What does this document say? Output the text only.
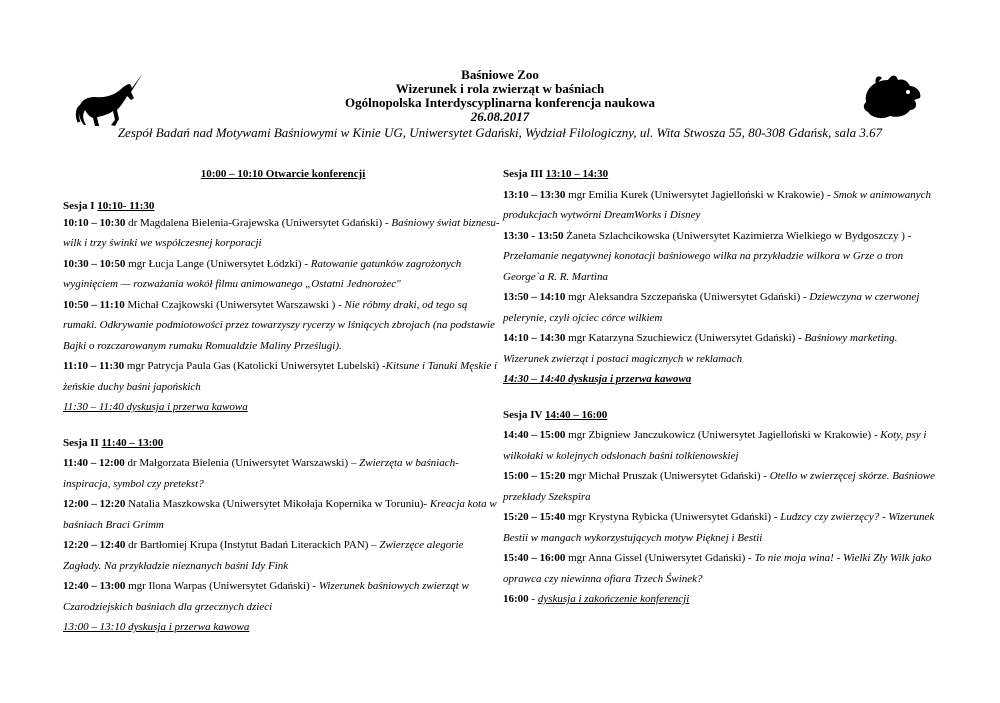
Baśniowe Zoo
Wizerunek i rola zwierząt w baśniach
Ogólnopolska Interdyscyplinarna konferencja naukowa
26.08.2017
Zespół Badań nad Motywami Baśniowymi w Kinie UG, Uniwersytet Gdański, Wydział Filologiczny, ul. Wita Stwosza 55, 80-308 Gdańsk, sala 3.67
10:00 – 10:10 Otwarcie konferencji
Sesja I 10:10- 11:30
10:10 – 10:30 dr Magdalena Bielenia-Grajewska (Uniwersytet Gdański) - Baśniowy świat biznesu- wilk i trzy świnki we współczesnej korporacji
10:30 – 10:50 mgr Łucja Lange (Uniwersytet Łódzki) - Ratowanie gatunków zagrożonych wyginięciem — rozważania wokół filmu animowanego „Ostatni Jednorożec"
10:50 – 11:10 Michał Czajkowski (Uniwersytet Warszawski ) - Nie róbmy draki, od tego są rumaki. Odkrywanie podmiotowości przez towarzyszy rycerzy w lśniących zbrojach (na podstawie Bajki o rozczarowanym rumaku Romualdzie Maliny Prześlugi).
11:10 – 11:30 mgr Patrycja Paula Gas (Katolicki Uniwersytet Lubelski) -Kitsune i Tanuki Męskie i żeńskie duchy baśni japońskich
11:30 – 11:40 dyskusja i przerwa kawowa
Sesja II 11:40 – 13:00
11:40 – 12:00 dr Małgorzata Bielenia (Uniwersytet Warszawski) – Zwierzęta w baśniach- inspiracja, symbol czy pretekst?
12:00 – 12:20 Natalia Maszkowska (Uniwersytet Mikołaja Kopernika w Toruniu)- Kreacja kota w baśniach Braci Grimm
12:20 – 12:40 dr Bartłomiej Krupa (Instytut Badań Literackich PAN) – Zwierzęce alegorie Zagłady. Na przykładzie nieznanych baśni Idy Fink
12:40 – 13:00 mgr Ilona Warpas (Uniwersytet Gdański) - Wizerunek baśniowych zwierząt w Czarodziejskich baśniach dla grzecznych dzieci
13:00 – 13:10 dyskusja i przerwa kawowa
Sesja III 13:10 – 14:30
13:10 – 13:30 mgr Emilia Kurek (Uniwersytet Jagielloński w Krakowie) - Smok w animowanych produkcjach wytwórni DreamWorks i Disney
13:30 - 13:50 Żaneta Szlachcikowska (Uniwersytet Kazimierza Wielkiego w Bydgoszczy ) - Przełamanie negatywnej konotacji baśniowego wilka na przykładzie wilkora w Grze o tron George`a R. R. Martina
13:50 – 14:10 mgr Aleksandra Szczepańska (Uniwersytet Gdański) - Dziewczyna w czerwonej pelerynie, czyli ojciec córce wilkiem
14:10 – 14:30 mgr Katarzyna Szuchiewicz (Uniwersytet Gdański) - Baśniowy marketing. Wizerunek zwierząt i postaci magicznych w reklamach
14:30 – 14:40 dyskusja i przerwa kawowa
Sesja IV 14:40 – 16:00
14:40 – 15:00 mgr Zbigniew Janczukowicz (Uniwersytet Jagielloński w Krakowie) - Koty, psy i wilkołaki w kolejnych odsłonach baśni tolkienowskiej
15:00 – 15:20 mgr Michał Pruszak (Uniwersytet Gdański) - Otello w zwierzęcej skórze. Baśniowe przekłady Szekspira
15:20 – 15:40 mgr Krystyna Rybicka (Uniwersytet Gdański) - Ludzcy czy zwierzęcy? - Wizerunek Bestii w mangach wykorzystujących motyw Pięknej i Bestii
15:40 – 16:00 mgr Anna Gissel (Uniwersytet Gdański) - To nie moja wina! - Wielki Zły Wilk jako oprawca czy niewinna ofiara Trzech Świnek?
16:00 - dyskusja i zakończenie konferencji
